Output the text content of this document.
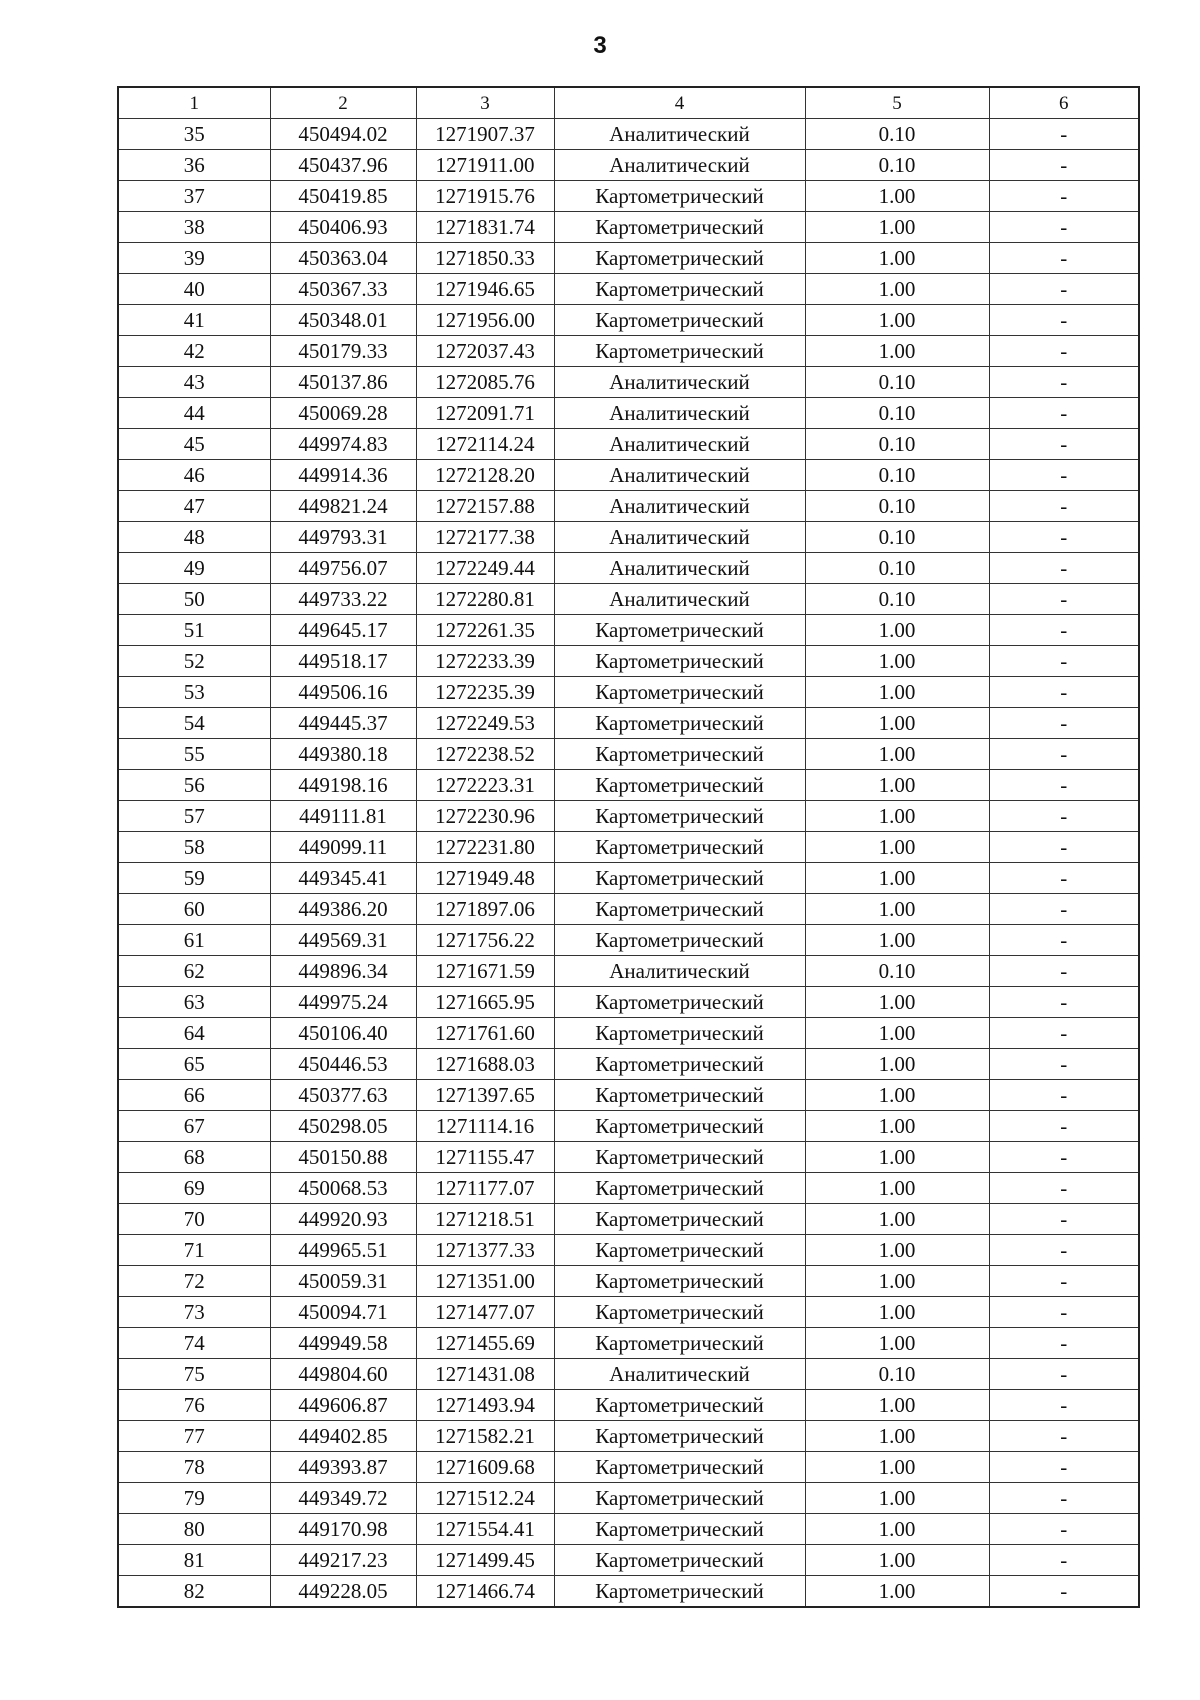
3
1	2	3	4	5	6
35	450494.02	1271907.37	Аналитический	0.10	-
36	450437.96	1271911.00	Аналитический	0.10	-
37	450419.85	1271915.76	Картометрический	1.00	-
38	450406.93	1271831.74	Картометрический	1.00	-
39	450363.04	1271850.33	Картометрический	1.00	-
40	450367.33	1271946.65	Картометрический	1.00	-
41	450348.01	1271956.00	Картометрический	1.00	-
42	450179.33	1272037.43	Картометрический	1.00	-
43	450137.86	1272085.76	Аналитический	0.10	-
44	450069.28	1272091.71	Аналитический	0.10	-
45	449974.83	1272114.24	Аналитический	0.10	-
46	449914.36	1272128.20	Аналитический	0.10	-
47	449821.24	1272157.88	Аналитический	0.10	-
48	449793.31	1272177.38	Аналитический	0.10	-
49	449756.07	1272249.44	Аналитический	0.10	-
50	449733.22	1272280.81	Аналитический	0.10	-
51	449645.17	1272261.35	Картометрический	1.00	-
52	449518.17	1272233.39	Картометрический	1.00	-
53	449506.16	1272235.39	Картометрический	1.00	-
54	449445.37	1272249.53	Картометрический	1.00	-
55	449380.18	1272238.52	Картометрический	1.00	-
56	449198.16	1272223.31	Картометрический	1.00	-
57	449111.81	1272230.96	Картометрический	1.00	-
58	449099.11	1272231.80	Картометрический	1.00	-
59	449345.41	1271949.48	Картометрический	1.00	-
60	449386.20	1271897.06	Картометрический	1.00	-
61	449569.31	1271756.22	Картометрический	1.00	-
62	449896.34	1271671.59	Аналитический	0.10	-
63	449975.24	1271665.95	Картометрический	1.00	-
64	450106.40	1271761.60	Картометрический	1.00	-
65	450446.53	1271688.03	Картометрический	1.00	-
66	450377.63	1271397.65	Картометрический	1.00	-
67	450298.05	1271114.16	Картометрический	1.00	-
68	450150.88	1271155.47	Картометрический	1.00	-
69	450068.53	1271177.07	Картометрический	1.00	-
70	449920.93	1271218.51	Картометрический	1.00	-
71	449965.51	1271377.33	Картометрический	1.00	-
72	450059.31	1271351.00	Картометрический	1.00	-
73	450094.71	1271477.07	Картометрический	1.00	-
74	449949.58	1271455.69	Картометрический	1.00	-
75	449804.60	1271431.08	Аналитический	0.10	-
76	449606.87	1271493.94	Картометрический	1.00	-
77	449402.85	1271582.21	Картометрический	1.00	-
78	449393.87	1271609.68	Картометрический	1.00	-
79	449349.72	1271512.24	Картометрический	1.00	-
80	449170.98	1271554.41	Картометрический	1.00	-
81	449217.23	1271499.45	Картометрический	1.00	-
82	449228.05	1271466.74	Картометрический	1.00	-
